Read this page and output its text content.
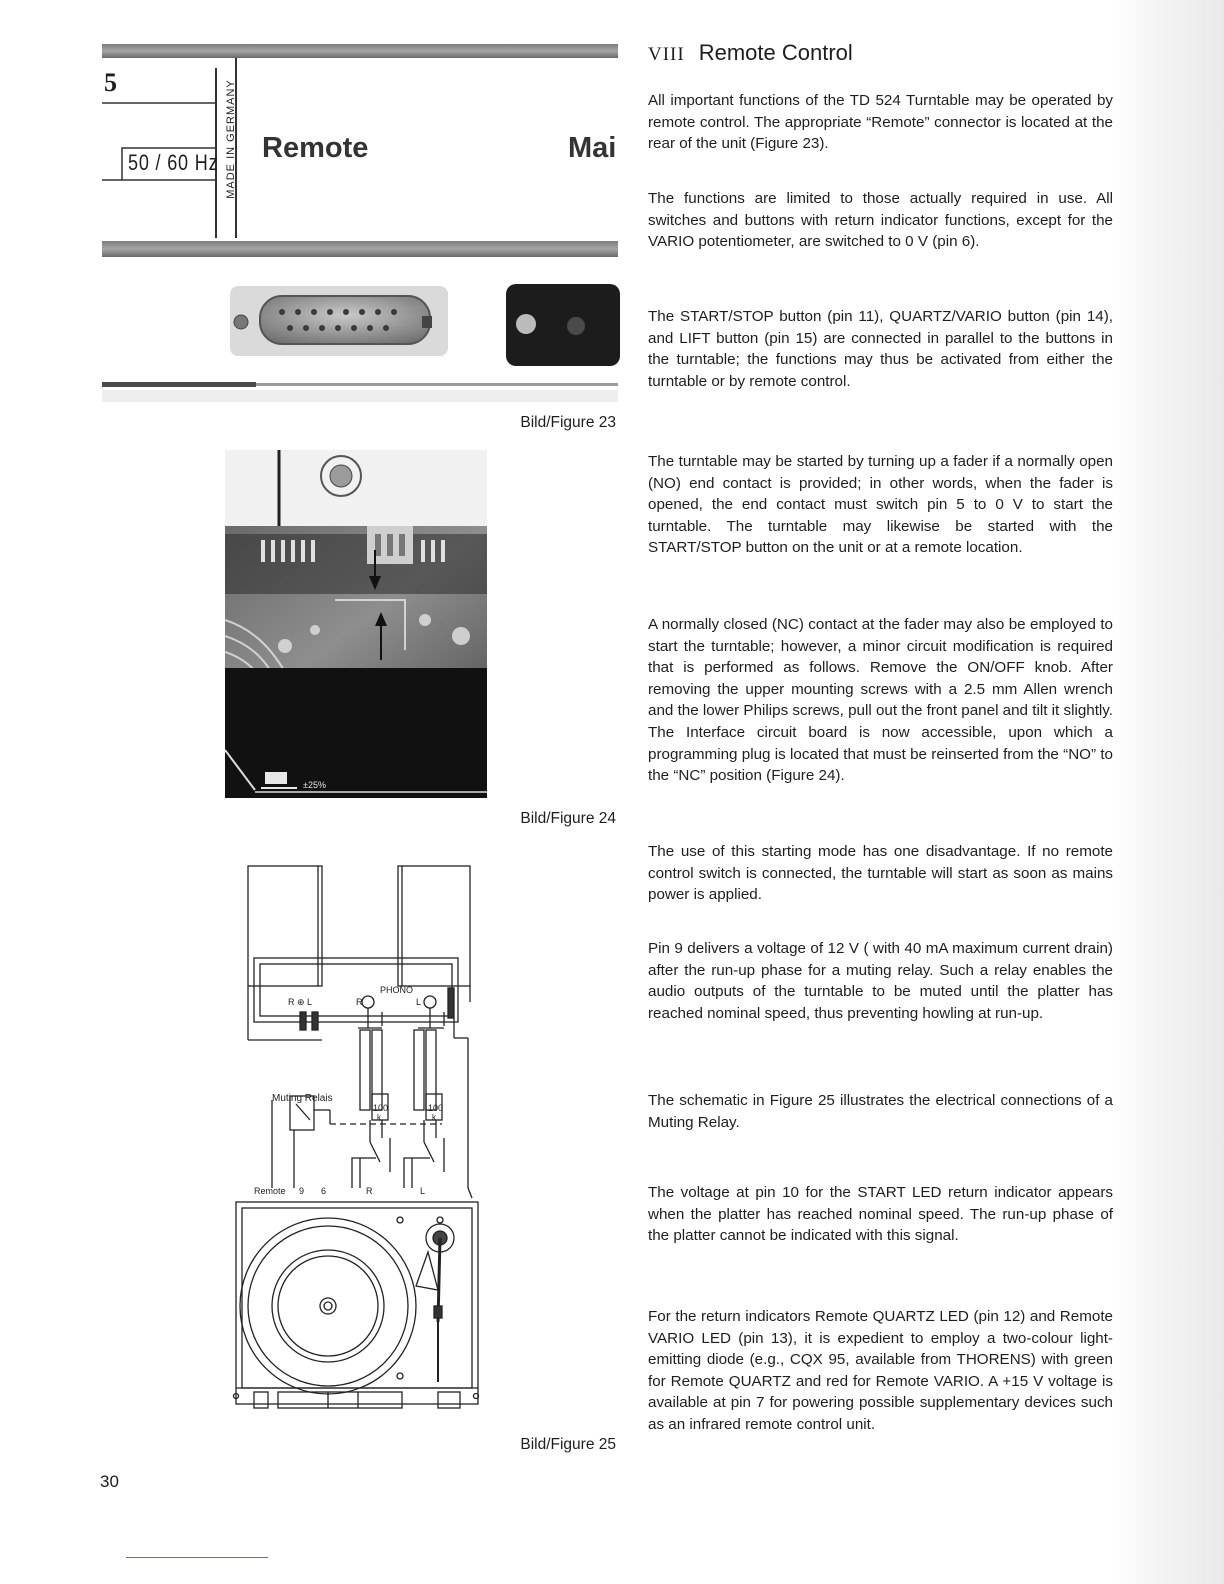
5
50 / 60 Hz MADE IN GERMANY Remote	Mai
Bild/Figure 23
±25%
Bild/Figure 24
PHONO
R ⊕ L	R	L
Muting Relais
100
k
100
k
Remote 9 6	R	L
Bild/Figure 25
VIII Remote Control
All important functions of the TD 524 Turntable may be operated by remote control. The appropriate “Remote” connector is located at the rear of the unit (Figure 23).
The functions are limited to those actually required in use. All switches and buttons with return indicator functions, except for the VARIO potentiometer, are switched to 0 V (pin 6).
The START/STOP button (pin 11), QUARTZ/VARIO button (pin 14), and LIFT button (pin 15) are connected in parallel to the buttons in the turntable; the functions may thus be activated from either the turntable or by remote control.
The turntable may be started by turning up a fader if a normally open (NO) end contact is provided; in other words, when the fader is opened, the end contact must switch pin 5 to 0 V to start the turntable. The turntable may likewise be started with the START/STOP button on the unit or at a remote location.
A normally closed (NC) contact at the fader may also be employed to start the turntable; however, a minor circuit modification is required that is performed as follows. Remove the ON/OFF knob. After removing the upper mounting screws with a 2.5 mm Allen wrench and the lower Philips screws, pull out the front panel and tilt it slightly. The Interface circuit board is now accessible, upon which a programming plug is located that must be reinserted from the “NO” to the “NC” position (Figure 24).
The use of this starting mode has one disadvantage. If no remote control switch is connected, the turntable will start as soon as mains power is applied.
Pin 9 delivers a voltage of 12 V ( with 40 mA maximum current drain) after the run-up phase for a muting relay. Such a relay enables the audio outputs of the turntable to be muted until the platter has reached nominal speed, thus preventing howling at run-up.
The schematic in Figure 25 illustrates the electrical connections of a Muting Relay.
The voltage at pin 10 for the START LED return indicator appears when the platter has reached nominal speed. The run-up phase of the platter cannot be indicated with this signal.
For the return indicators Remote QUARTZ LED (pin 12) and Remote VARIO LED (pin 13), it is expedient to employ a two-colour light-emitting diode (e.g., CQX 95, available from THORENS) with green for Remote QUARTZ and red for Remote VARIO. A +15 V voltage is available at pin 7 for powering possible supplementary devices such as an infrared remote control unit.
30
